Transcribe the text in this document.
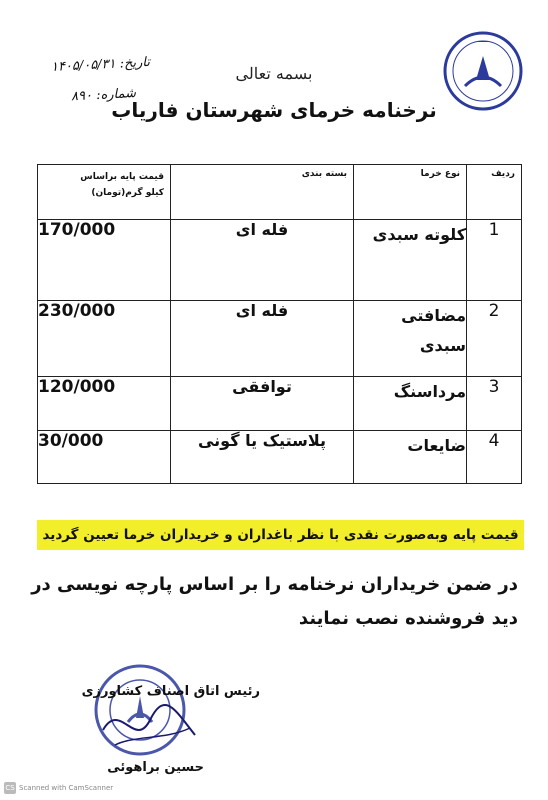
ـــــ
تاریخ: ۱۴۰۵/۰۵/۳۱
شماره: ۸۹۰
بسمه تعالی
نرخنامه خرمای شهرستان فاریاب
ردیف	نوع خرما	بسته بندی	قیمت پایه براساس
کیلو گرم(تومان)

1	کلوته سبدی	فله ای	170/000
2	مضافتی سبدی	فله ای	230/000
3	مرداسنگ	توافقی	120/000
4	ضایعات	پلاستیک یا گونی	30/000
قیمت پایه وبه‌صورت نقدی با نظر باغداران و خریداران خرما تعیین گردید
در ضمن خریداران نرخنامه را بر اساس پارچه نویسی در دید فروشنده نصب نمایند
رئیس اتاق اصناف کشاورزی
حسین براهوئی
CS Scanned with CamScanner
